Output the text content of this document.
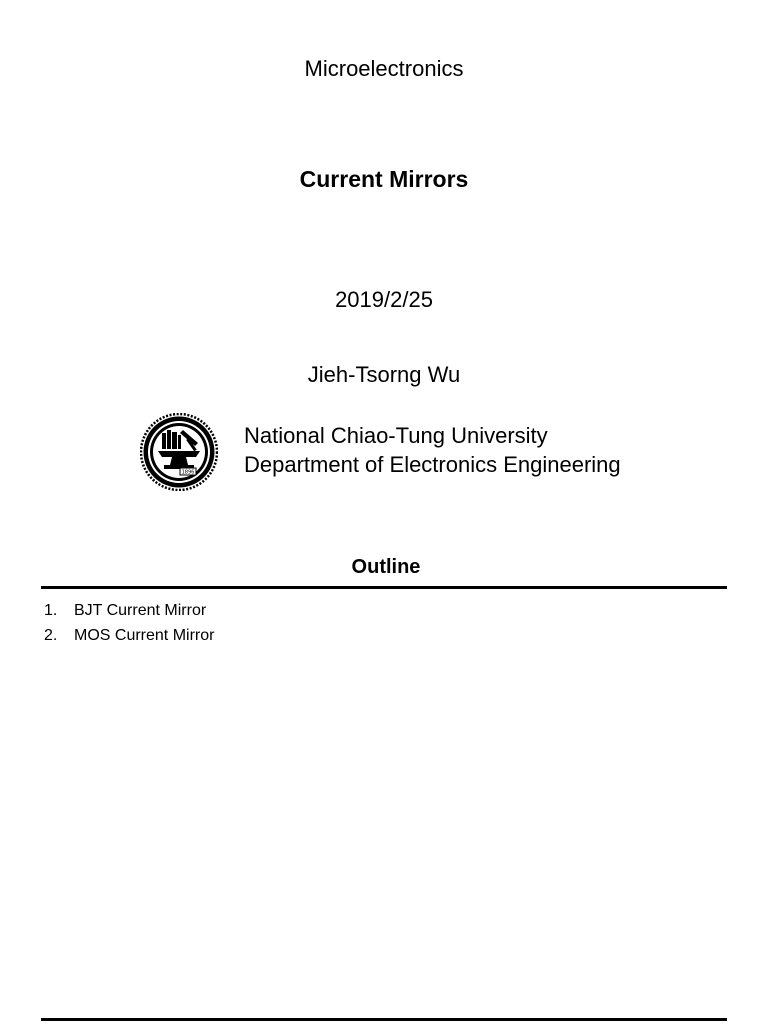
Microelectronics
Current Mirrors
2019/2/25
Jieh-Tsorng Wu
1896
National Chiao-Tung University
Department of Electronics Engineering
Outline
1.	BJT Current Mirror
2.	MOS Current Mirror
